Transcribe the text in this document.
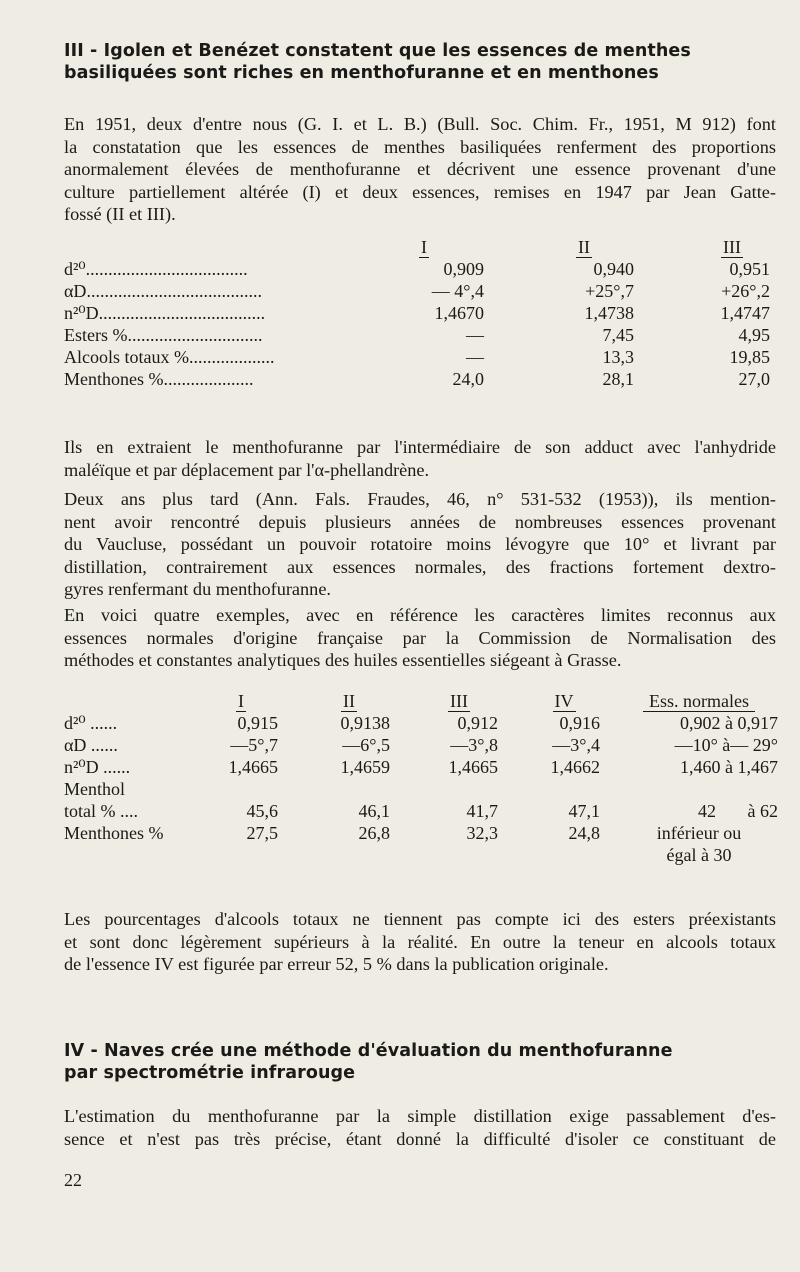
III - Igolen et Benézet constatent que les essences de menthes
basiliquées sont riches en menthofuranne et en menthones
En 1951, deux d'entre nous (G. I. et L. B.) (Bull. Soc. Chim. Fr., 1951, M 912) font
la constatation que les essences de menthes basiliquées renferment des proportions
anormalement élevées de menthofuranne et décrivent une essence provenant d'une
culture partiellement altérée (I) et deux essences, remises en 1947 par Jean Gatte-
fossé (II et III).
	I	II	III
d²⁰....................................	0,909	0,940	0,951
αD.......................................	— 4°,4	+25°,7	+26°,2
n²⁰D.....................................	1,4670	1,4738	1,4747
Esters %..............................	—	7,45	4,95
Alcools totaux %...................	—	13,3	19,85
Menthones %....................	24,0	28,1	27,0
Ils en extraient le menthofuranne par l'intermédiaire de son adduct avec l'anhydride
maléïque et par déplacement par l'α-phellandrène.
Deux ans plus tard (Ann. Fals. Fraudes, 46, n° 531-532 (1953)), ils mention-
nent avoir rencontré depuis plusieurs années de nombreuses essences provenant
du Vaucluse, possédant un pouvoir rotatoire moins lévogyre que 10° et livrant par
distillation, contrairement aux essences normales, des fractions fortement dextro-
gyres renfermant du menthofuranne.
En voici quatre exemples, avec en référence les caractères limites reconnus aux
essences normales d'origine française par la Commission de Normalisation des
méthodes et constantes analytiques des huiles essentielles siégeant à Grasse.
	I	II	III	IV	Ess. normales
d²⁰ ......	0,915	0,9138	0,912	0,916	0,902 à 0,917
αD ......	—5°,7	—6°,5	—3°,8	—3°,4	—10° à— 29°
n²⁰D ......	1,4665	1,4659	1,4665	1,4662	1,460 à 1,467
Menthol					
total % ....	45,6	46,1	41,7	47,1	42       à 62
Menthones %	27,5	26,8	32,3	24,8	inférieur ou
					égal à 30
Les pourcentages d'alcools totaux ne tiennent pas compte ici des esters préexistants
et sont donc légèrement supérieurs à la réalité. En outre la teneur en alcools totaux
de l'essence IV est figurée par erreur 52, 5 % dans la publication originale.
IV - Naves crée une méthode d'évaluation du menthofuranne
par spectrométrie infrarouge
L'estimation du menthofuranne par la simple distillation exige passablement d'es-
sence et n'est pas très précise, étant donné la difficulté d'isoler ce constituant de
22
